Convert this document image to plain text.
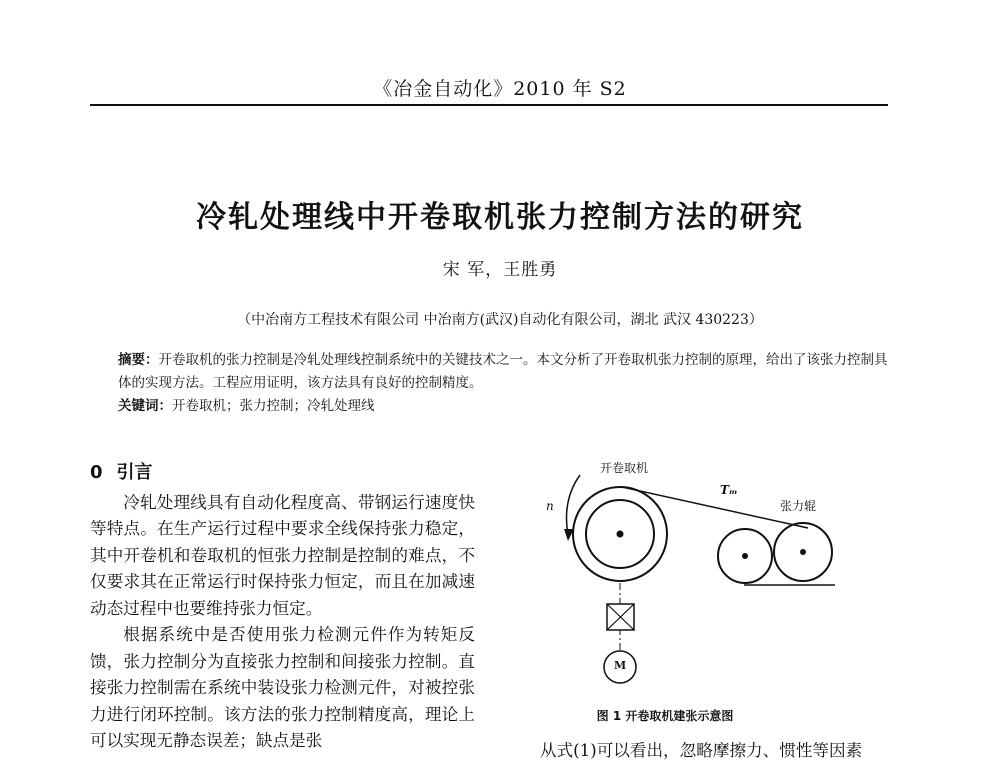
《冶金自动化》2010 年 S2
冷轧处理线中开卷取机张力控制方法的研究
宋 军，王胜勇
（中冶南方工程技术有限公司 中冶南方(武汉)自动化有限公司，湖北 武汉 430223）

摘要：开卷取机的张力控制是冷轧处理线控制系统中的关键技术之一。本文分析了开卷取机张力控制的原理，给出了该张力控制具体的实现方法。工程应用证明，该方法具有良好的控制精度。

关键词：开卷取机；张力控制；冷轧处理线

0 引言

冷轧处理线具有自动化程度高、带钢运行速度快等特点。在生产运行过程中要求全线保持张力稳定，其中开卷机和卷取机的恒张力控制是控制的难点，不仅要求其在正常运行时保持张力恒定，而且在加减速动态过程中也要维持张力恒定。

根据系统中是否使用张力检测元件作为转矩反馈，张力控制分为直接张力控制和间接张力控制。直接张力控制需在系统中装设张力检测元件，对被控张力进行闭环控制。该方法的张力控制精度高，理论上可以实现无静态误差；缺点是张

开卷取机
张力辊
Tₘ
n
M
图 1 开卷取机建张示意图
从式(1)可以看出，忽略摩擦力、惯性等因素
